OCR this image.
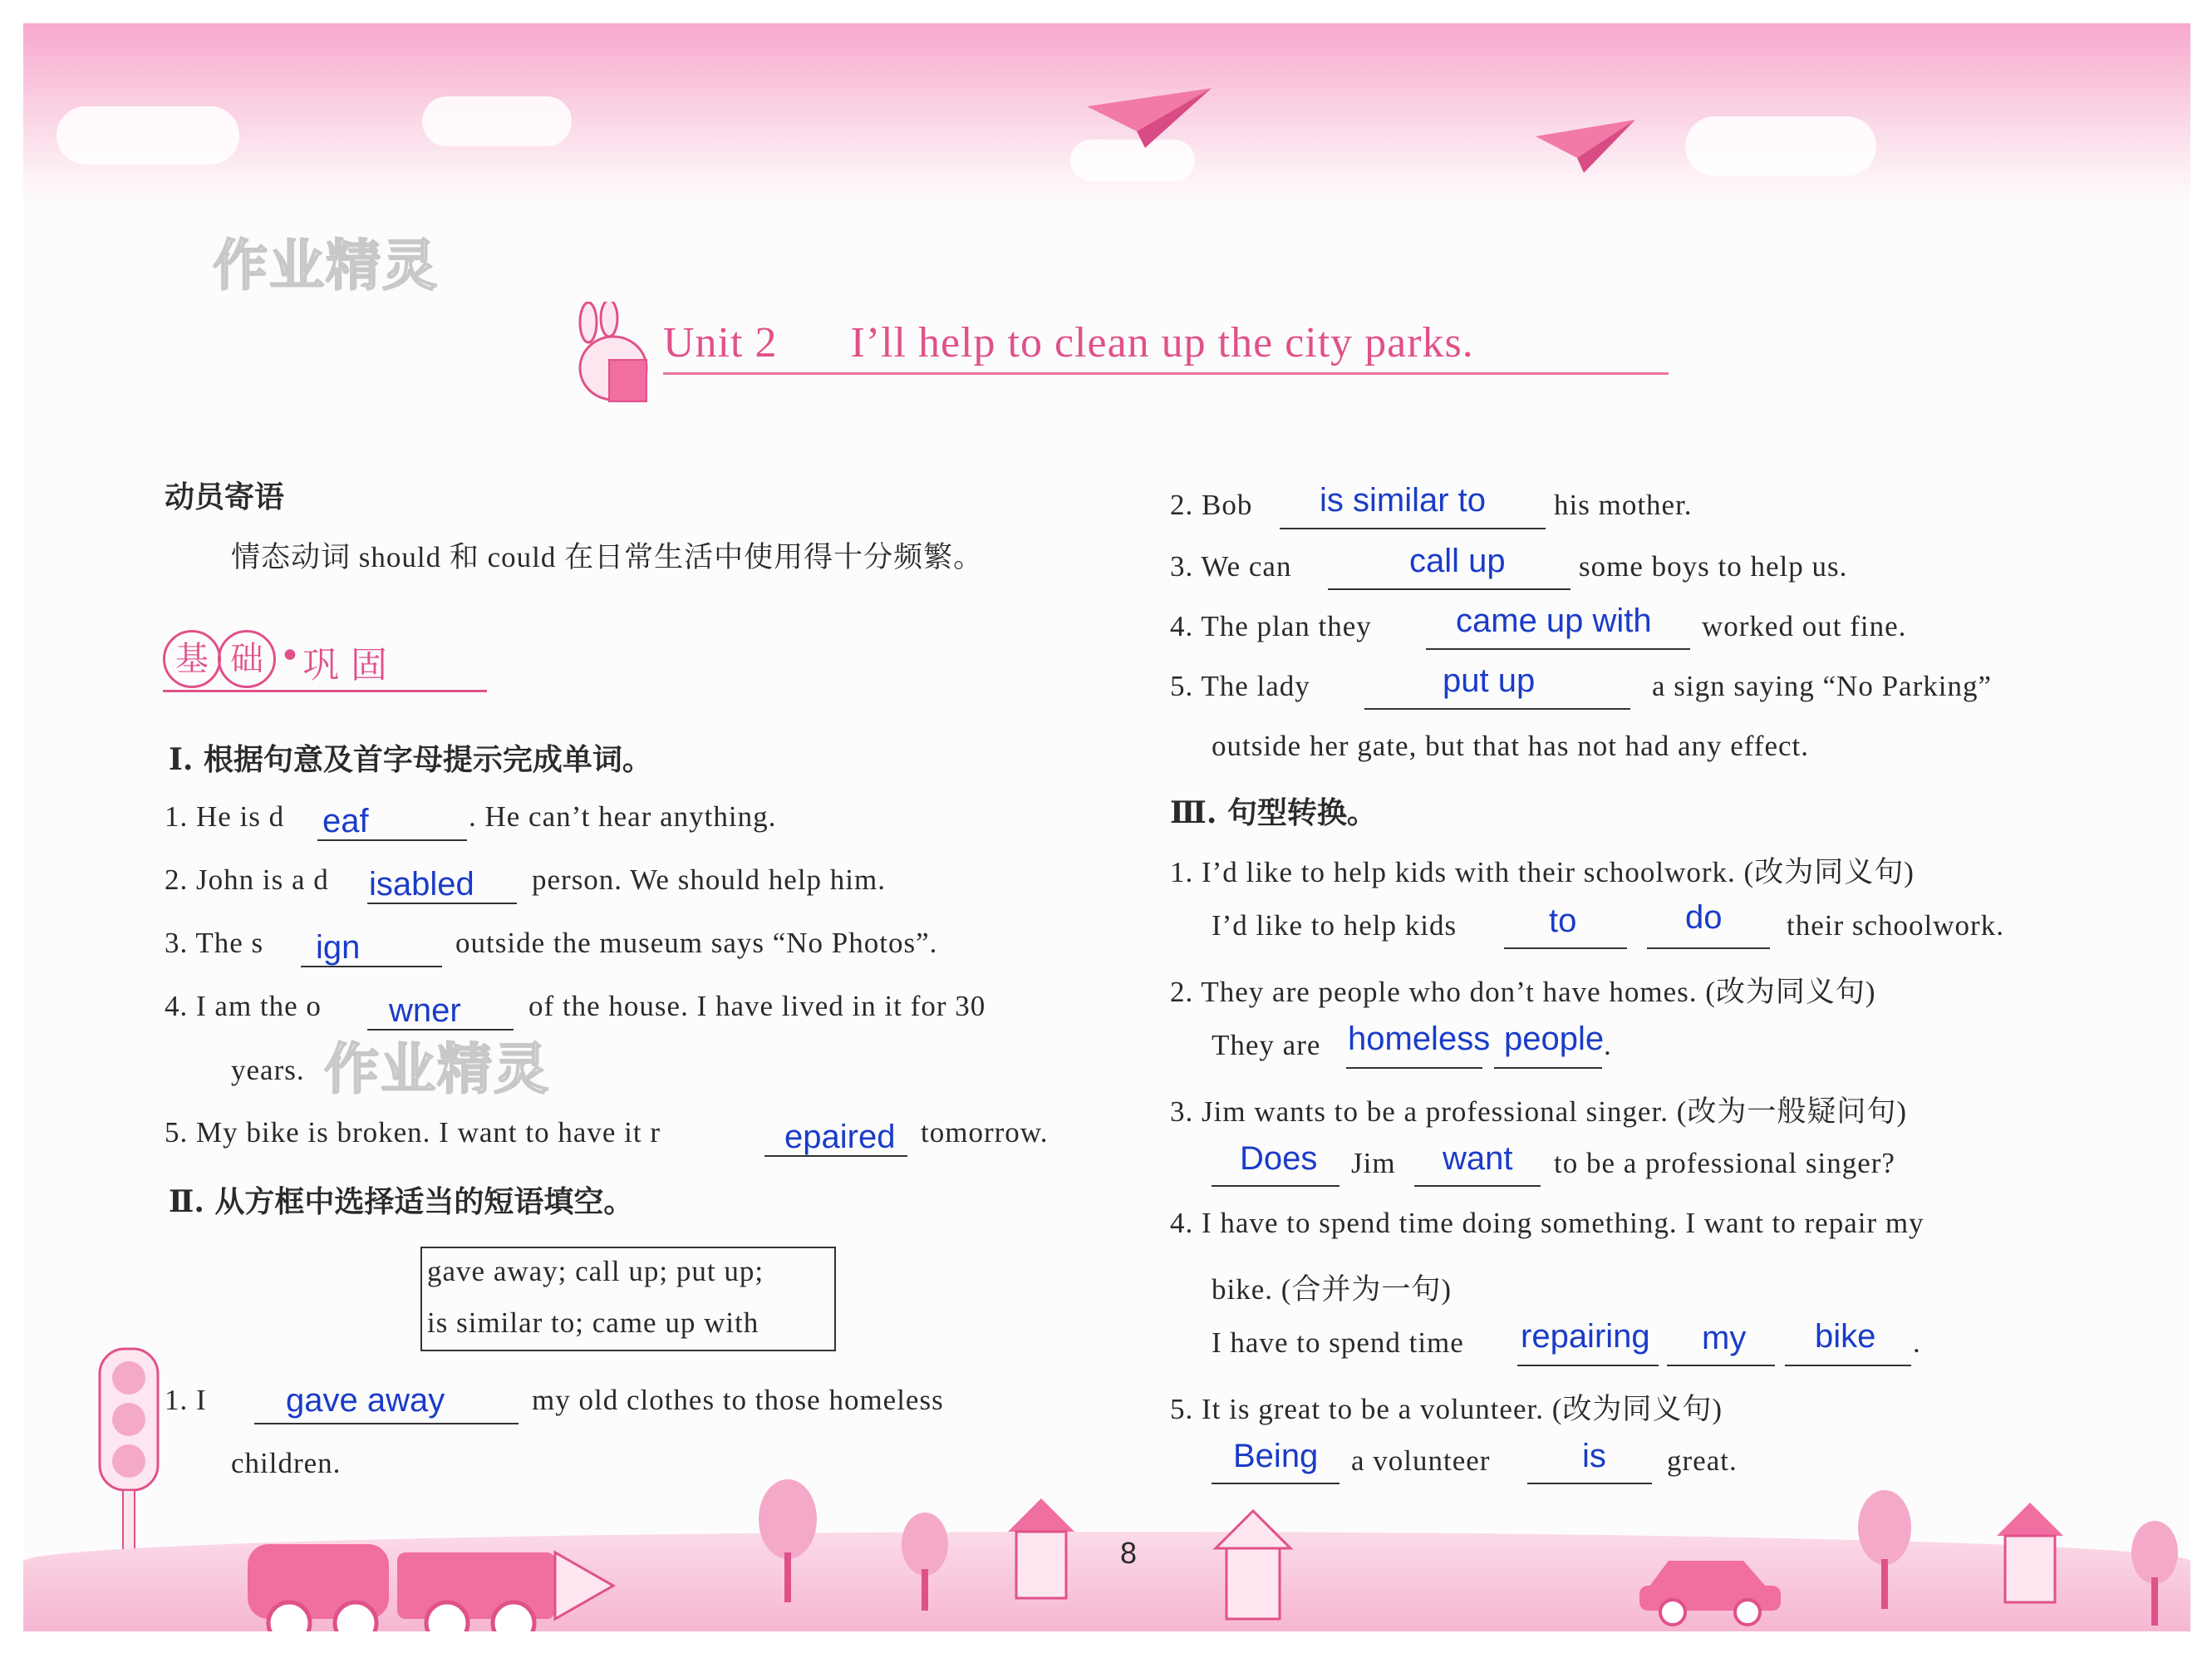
作业精灵
作业精灵
Unit 2 I’ll help to clean up the city parks.
动员寄语
情态动词 should 和 could 在日常生活中使用得十分频繁。
基 础 • 巩 固
Ⅰ. 根据句意及首字母提示完成单词。
1. He is d eaf	. He can’t hear anything.
2. John is a d isabled person. We should help him.
3. The s ign	outside the museum says “No Photos”.
4. I am the o wner of the house. I have lived in it for 30
years.
5. My bike is broken. I want to have it r	epaired tomorrow.
Ⅱ. 从方框中选择适当的短语填空。
gave away; call up; put up;
is similar to; came up with
1. I gave away	my old clothes to those homeless
children.
2. Bob is similar to his mother.
3. We can	call up	some boys to help us.
4. The plan they	came up with worked out fine.
5. The lady	put up	a sign saying “No Parking”
outside her gate, but that has not had any effect.
Ⅲ. 句型转换。
1. I’d like to help kids with their schoolwork. (改为同义句)
I’d like to help kids	to	do their schoolwork.
2. They are people who don’t have homes. (改为同义句)
They are homeless people .
3. Jim wants to be a professional singer. (改为一般疑问句)
Does Jim want to be a professional singer?
4. I have to spend time doing something. I want to repair my
bike. (合并为一句)
I have to spend time repairing my bike .
5. It is great to be a volunteer. (改为同义句)
Being a volunteer	is great.
8
